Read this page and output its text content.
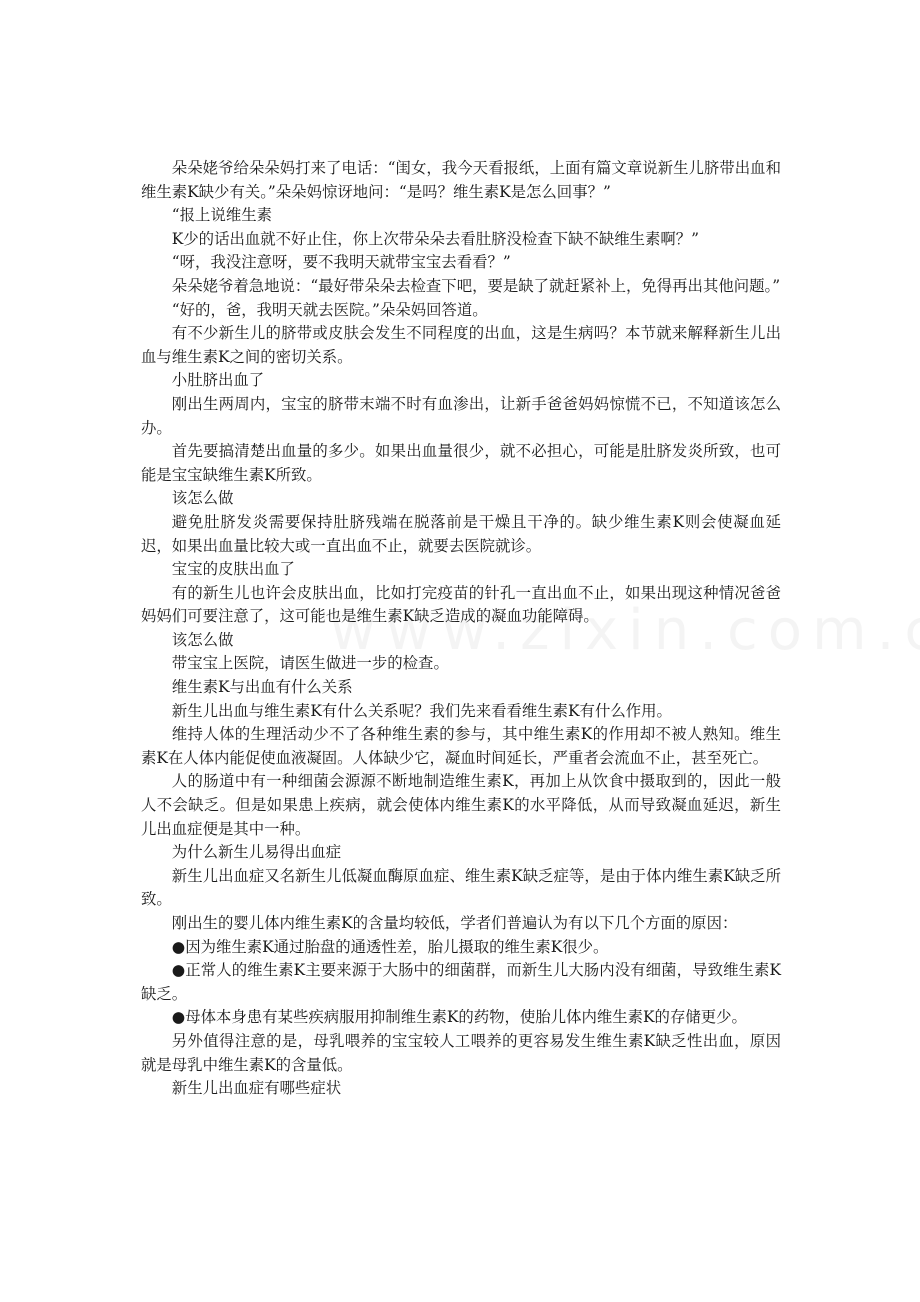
朵朵姥爷给朵朵妈打来了电话：“闺女，我今天看报纸，上面有篇文章说新生儿脐带出血和维生素K缺少有关。”朵朵妈惊讶地问：“是吗？维生素K是怎么回事？”

“报上说维生素

K少的话出血就不好止住，你上次带朵朵去看肚脐没检查下缺不缺维生素啊？”

“呀，我没注意呀，要不我明天就带宝宝去看看？”

朵朵姥爷着急地说：“最好带朵朵去检查下吧，要是缺了就赶紧补上，免得再出其他问题。”

“好的，爸，我明天就去医院。”朵朵妈回答道。

有不少新生儿的脐带或皮肤会发生不同程度的出血，这是生病吗？本节就来解释新生儿出血与维生素K之间的密切关系。

小肚脐出血了

刚出生两周内，宝宝的脐带末端不时有血渗出，让新手爸爸妈妈惊慌不已，不知道该怎么办。

首先要搞清楚出血量的多少。如果出血量很少，就不必担心，可能是肚脐发炎所致，也可能是宝宝缺维生素K所致。

该怎么做

避免肚脐发炎需要保持肚脐残端在脱落前是干燥且干净的。缺少维生素K则会使凝血延迟，如果出血量比较大或一直出血不止，就要去医院就诊。

宝宝的皮肤出血了

有的新生儿也许会皮肤出血，比如打完疫苗的针孔一直出血不止，如果出现这种情况爸爸妈妈们可要注意了，这可能也是维生素K缺乏造成的凝血功能障碍。

该怎么做

带宝宝上医院，请医生做进一步的检查。

维生素K与出血有什么关系

新生儿出血与维生素K有什么关系呢？我们先来看看维生素K有什么作用。

维持人体的生理活动少不了各种维生素的参与，其中维生素K的作用却不被人熟知。维生素K在人体内能促使血液凝固。人体缺少它，凝血时间延长，严重者会流血不止，甚至死亡。

人的肠道中有一种细菌会源源不断地制造维生素K，再加上从饮食中摄取到的，因此一般人不会缺乏。但是如果患上疾病，就会使体内维生素K的水平降低，从而导致凝血延迟，新生儿出血症便是其中一种。

为什么新生儿易得出血症

新生儿出血症又名新生儿低凝血酶原血症、维生素K缺乏症等，是由于体内维生素K缺乏所致。

刚出生的婴儿体内维生素K的含量均较低，学者们普遍认为有以下几个方面的原因：

●因为维生素K通过胎盘的通透性差，胎儿摄取的维生素K很少。

●正常人的维生素K主要来源于大肠中的细菌群，而新生儿大肠内没有细菌，导致维生素K缺乏。

●母体本身患有某些疾病服用抑制维生素K的药物，使胎儿体内维生素K的存储更少。

另外值得注意的是，母乳喂养的宝宝较人工喂养的更容易发生维生素K缺乏性出血，原因就是母乳中维生素K的含量低。

新生儿出血症有哪些症状
